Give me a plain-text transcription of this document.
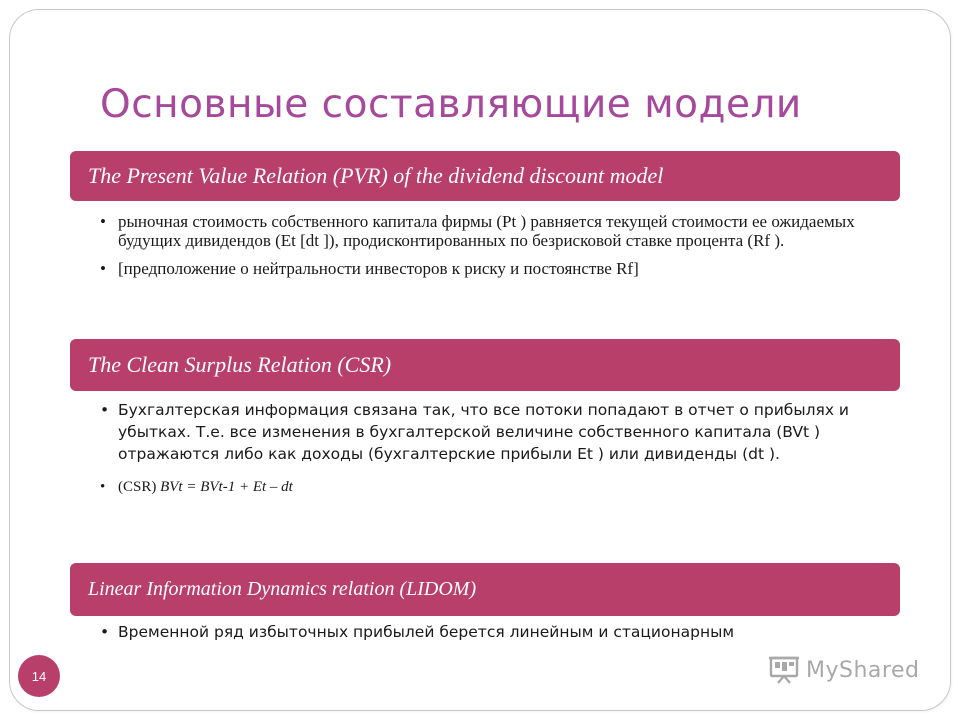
Основные составляющие модели
The Present Value Relation (PVR) of the dividend discount model
• рыночная стоимость собственного капитала фирмы (Pt ) равняется текущей стоимости ее ожидаемых будущих дивидендов (Et [dt ]), продисконтированных по безрисковой ставке процента (Rf ).
• [предположение о нейтральности инвесторов к риску и постоянстве Rf]
The Clean Surplus Relation (CSR)
• Бухгалтерская информация связана так, что все потоки попадают в отчет о прибылях и убытках. Т.е. все изменения в бухгалтерской величине собственного капитала (BVt ) отражаются либо как доходы (бухгалтерские прибыли Et ) или дивиденды (dt ).
• (CSR) BVt = BVt-1 + Et – dt
Linear Information Dynamics relation (LIDOM)
• Временной ряд избыточных прибылей берется линейным и стационарным
14	MyShared
